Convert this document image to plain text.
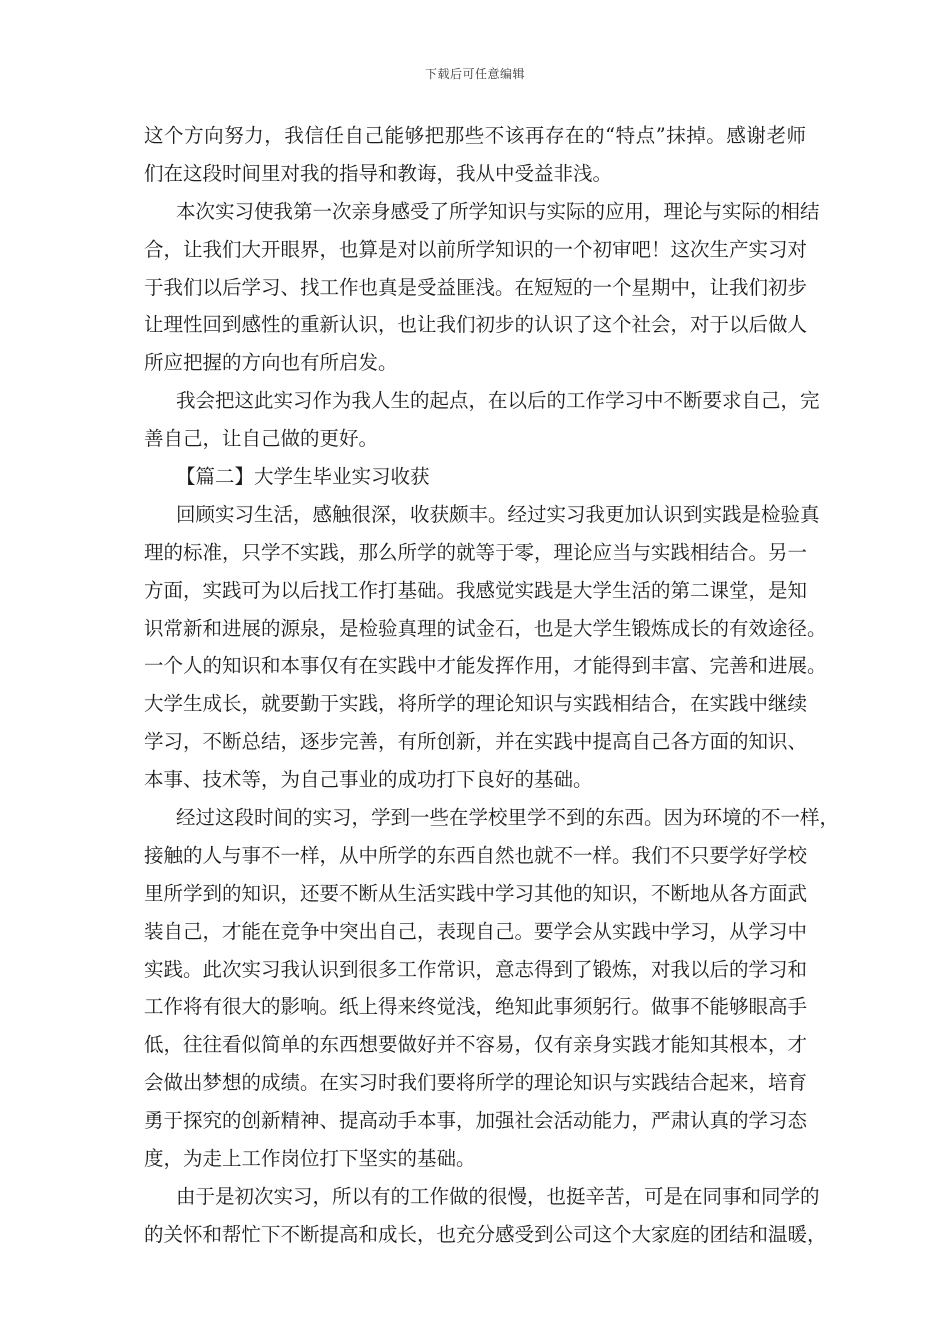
下载后可任意编辑
这个方向努力，我信任自己能够把那些不该再存在的“特点”抹掉。感谢老师
们在这段时间里对我的指导和教诲，我从中受益非浅。
本次实习使我第一次亲身感受了所学知识与实际的应用，理论与实际的相结
合，让我们大开眼界，也算是对以前所学知识的一个初审吧！这次生产实习对
于我们以后学习、找工作也真是受益匪浅。在短短的一个星期中，让我们初步
让理性回到感性的重新认识，也让我们初步的认识了这个社会，对于以后做人
所应把握的方向也有所启发。
我会把这此实习作为我人生的起点，在以后的工作学习中不断要求自己，完
善自己，让自己做的更好。
【篇二】大学生毕业实习收获
回顾实习生活，感触很深，收获颇丰。经过实习我更加认识到实践是检验真
理的标准，只学不实践，那么所学的就等于零，理论应当与实践相结合。另一
方面，实践可为以后找工作打基础。我感觉实践是大学生活的第二课堂，是知
识常新和进展的源泉，是检验真理的试金石，也是大学生锻炼成长的有效途径。
一个人的知识和本事仅有在实践中才能发挥作用，才能得到丰富、完善和进展。
大学生成长，就要勤于实践，将所学的理论知识与实践相结合，在实践中继续
学习，不断总结，逐步完善，有所创新，并在实践中提高自己各方面的知识、
本事、技术等，为自己事业的成功打下良好的基础。
经过这段时间的实习，学到一些在学校里学不到的东西。因为环境的不一样，
接触的人与事不一样，从中所学的东西自然也就不一样。我们不只要学好学校
里所学到的知识，还要不断从生活实践中学习其他的知识，不断地从各方面武
装自己，才能在竞争中突出自己，表现自己。要学会从实践中学习，从学习中
实践。此次实习我认识到很多工作常识，意志得到了锻炼，对我以后的学习和
工作将有很大的影响。纸上得来终觉浅，绝知此事须躬行。做事不能够眼高手
低，往往看似简单的东西想要做好并不容易，仅有亲身实践才能知其根本，才
会做出梦想的成绩。在实习时我们要将所学的理论知识与实践结合起来，培育
勇于探究的创新精神、提高动手本事，加强社会活动能力，严肃认真的学习态
度，为走上工作岗位打下坚实的基础。
由于是初次实习，所以有的工作做的很慢，也挺辛苦，可是在同事和同学的
的关怀和帮忙下不断提高和成长，也充分感受到公司这个大家庭的团结和温暖，
